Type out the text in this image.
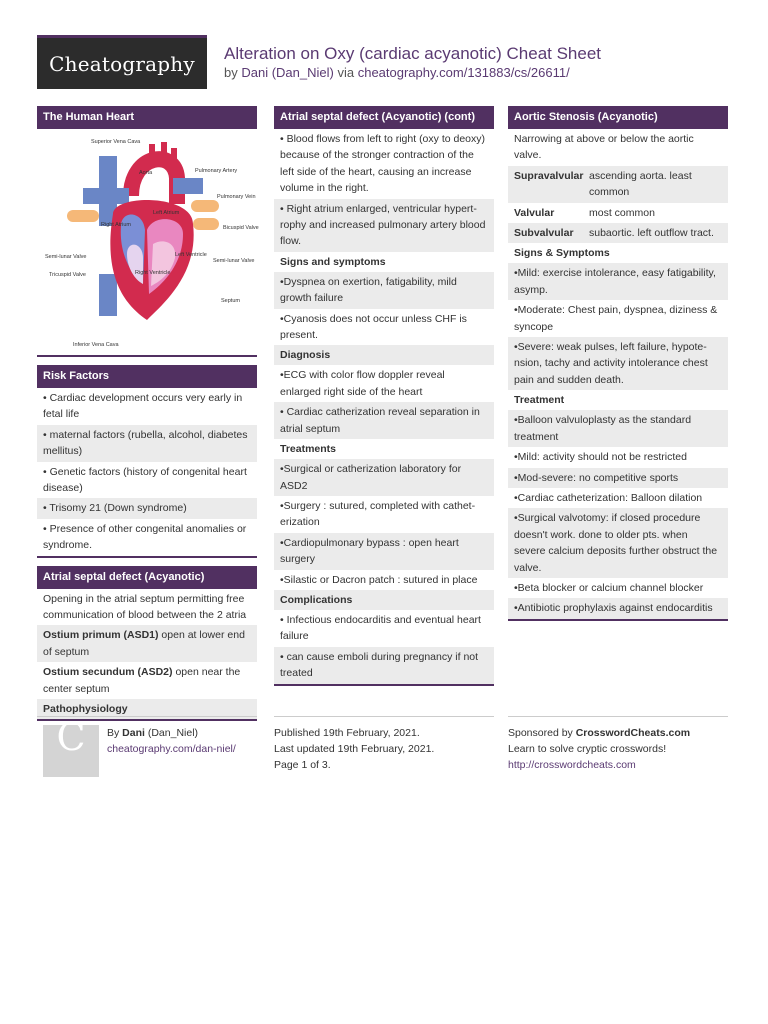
Cheatography	Alteration on Oxy (cardiac acyanotic) Cheat Sheet
by Dani (Dan_Niel) via cheatography.com/131883/cs/26611/
The Human Heart
Superior Vena Cava
Aorta	Pulmonary Artery
Pulmonary Vein
Left Atrium
Right Atrium	Bicuspid Valve
Left Ventricle
Right Ventricle
Semi-lunar Valve
Semi-lunar Valve
Tricuspid Valve
Septum
Inferior Vena Cava
Risk Factors
• Cardiac development occurs very early in fetal life
• maternal factors (rubella, alcohol, diabetes mellitus)
• Genetic factors (history of congenital heart disease)
• Trisomy 21 (Down syndrome)
• Presence of other congenital anomalies or syndrome.
Atrial septal defect (Acyanotic)
Opening in the atrial septum permitting free communication of blood between the 2 atria
Ostium primum (ASD1) open at lower end of septum
Ostium secundum (ASD2) open near the center septum
Pathophysiology
Atrial septal defect (Acyanotic) (cont)
• Blood flows from left to right (oxy to deoxy) because of the stronger contraction of the left side of the heart, causing an increase volume in the right.
• Right atrium enlarged, ventricular hypertrophy and increased pulmonary artery blood flow.
Signs and symptoms
•Dyspnea on exertion, fatigability, mild growth failure
•Cyanosis does not occur unless CHF is present.
Diagnosis
•ECG with color flow doppler reveal enlarged right side of the heart
• Cardiac catherization reveal separation in atrial septum
Treatments
•Surgical or catherization laboratory for ASD2
•Surgery : sutured, completed with catheterization
•Cardiopulmonary bypass : open heart surgery
•Silastic or Dacron patch : sutured in place
Complications
• Infectious endocarditis and eventual heart failure
• can cause emboli during pregnancy if not treated
Aortic Stenosis (Acyanotic)
Narrowing at above or below the aortic valve.
Supravalvular ascending aorta. least common
Valvular	most common
Subvalvular	subaortic. left outflow tract.
Signs & Symptoms
•Mild: exercise intolerance, easy fatigability, asymp.
•Moderate: Chest pain, dyspnea, diziness & syncope
•Severe: weak pulses, left failure, hypotension, tachy and activity intolerance chest pain and sudden death.
Treatment
•Balloon valvuloplasty as the standard treatment
•Mild: activity should not be restricted
•Mod-severe: no competitive sports
•Cardiac catheterization: Balloon dilation
•Surgical valvotomy: if closed procedure doesn't work. done to older pts. when severe calcium deposits further obstruct the valve.
•Beta blocker or calcium channel blocker
•Antibiotic prophylaxis against endocarditis
C	By Dani (Dan_Niel)
cheatography.com/dan-niel/
Published 19th February, 2021.
Last updated 19th February, 2021.
Page 1 of 3.
Sponsored by CrosswordCheats.com
Learn to solve cryptic crosswords!
http://crosswordcheats.com
